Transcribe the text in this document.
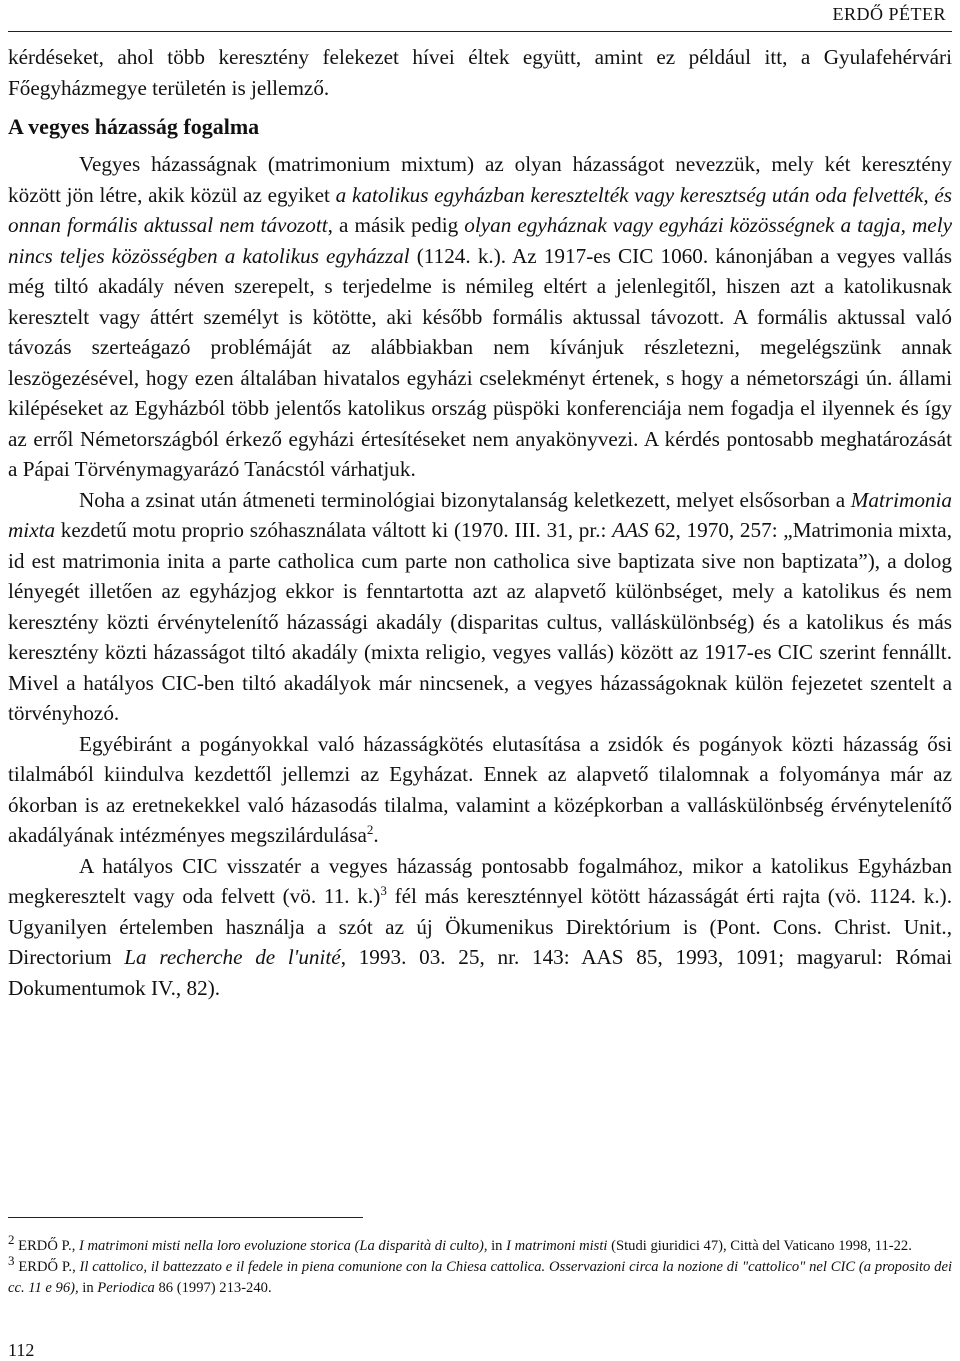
ERDŐ PÉTER

kérdéseket, ahol több keresztény felekezet hívei éltek együtt, amint ez például itt, a Gyulafehérvári Főegyházmegye területén is jellemző.

A vegyes házasság fogalma

Vegyes házasságnak (matrimonium mixtum) az olyan házasságot nevezzük, mely két keresztény között jön létre, akik közül az egyiket a katolikus egyházban keresztelték vagy keresztség után oda felvették, és onnan formális aktussal nem távozott, a másik pedig olyan egyháznak vagy egyházi közösségnek a tagja, mely nincs teljes közösségben a katolikus egyházzal (1124. k.). Az 1917-es CIC 1060. kánonjában a vegyes vallás még tiltó akadály néven szerepelt, s terjedelme is némileg eltért a jelenlegitől, hiszen azt a katolikusnak keresztelt vagy áttért személyt is kötötte, aki később formális aktussal távozott. A formális aktussal való távozás szerteágazó problémáját az alábbiakban nem kívánjuk részletezni, megelégszünk annak leszögezésével, hogy ezen általában hivatalos egyházi cselekményt értenek, s hogy a németországi ún. állami kilépéseket az Egyházból több jelentős katolikus ország püspöki konferenciája nem fogadja el ilyennek és így az erről Németországból érkező egyházi értesítéseket nem anyakönyvezi. A kérdés pontosabb meghatározását a Pápai Törvénymagyarázó Tanácstól várhatjuk.

Noha a zsinat után átmeneti terminológiai bizonytalanság keletkezett, melyet elsősorban a Matrimonia mixta kezdetű motu proprio szóhasználata váltott ki (1970. III. 31, pr.: AAS 62, 1970, 257: „Matrimonia mixta, id est matrimonia inita a parte catholica cum parte non catholica sive baptizata sive non baptizata”), a dolog lényegét illetően az egyházjog ekkor is fenntartotta azt az alapvető különbséget, mely a katolikus és nem keresztény közti érvénytelenítő házassági akadály (disparitas cultus, valláskülönbség) és a katolikus és más keresztény közti házasságot tiltó akadály (mixta religio, vegyes vallás) között az 1917-es CIC szerint fennállt. Mivel a hatályos CIC-ben tiltó akadályok már nincsenek, a vegyes házasságoknak külön fejezetet szentelt a törvényhozó.

Egyébiránt a pogányokkal való házasságkötés elutasítása a zsidók és pogányok közti házasság ősi tilalmából kiindulva kezdettől jellemzi az Egyházat. Ennek az alapvető tilalomnak a folyománya már az ókorban is az eretnekekkel való házasodás tilalma, valamint a középkorban a valláskülönbség érvénytelenítő akadályának intézményes megszilárdulása$^2$.

A hatályos CIC visszatér a vegyes házasság pontosabb fogalmához, mikor a katolikus Egyházban megkeresztelt vagy oda felvett (vö. 11. k.)$^3$ fél más kereszténnyel kötött házasságát érti rajta (vö. 1124. k.). Ugyanilyen értelemben használja a szót az új Ökumenikus Direktórium is (Pont. Cons. Christ. Unit., Directorium La recherche de l'unité, 1993. 03. 25, nr. 143: AAS 85, 1993, 1091; magyarul: Római Dokumentumok IV., 82).

$^2$ ERDŐ P., I matrimoni misti nella loro evoluzione storica (La disparità di culto), in I matrimoni misti (Studi giuridici 47), Città del Vaticano 1998, 11-22.

$^3$ ERDŐ P., Il cattolico, il battezzato e il fedele in piena comunione con la Chiesa cattolica. Osservazioni circa la nozione di "cattolico" nel CIC (a proposito dei cc. 11 e 96), in Periodica 86 (1997) 213-240.

112
